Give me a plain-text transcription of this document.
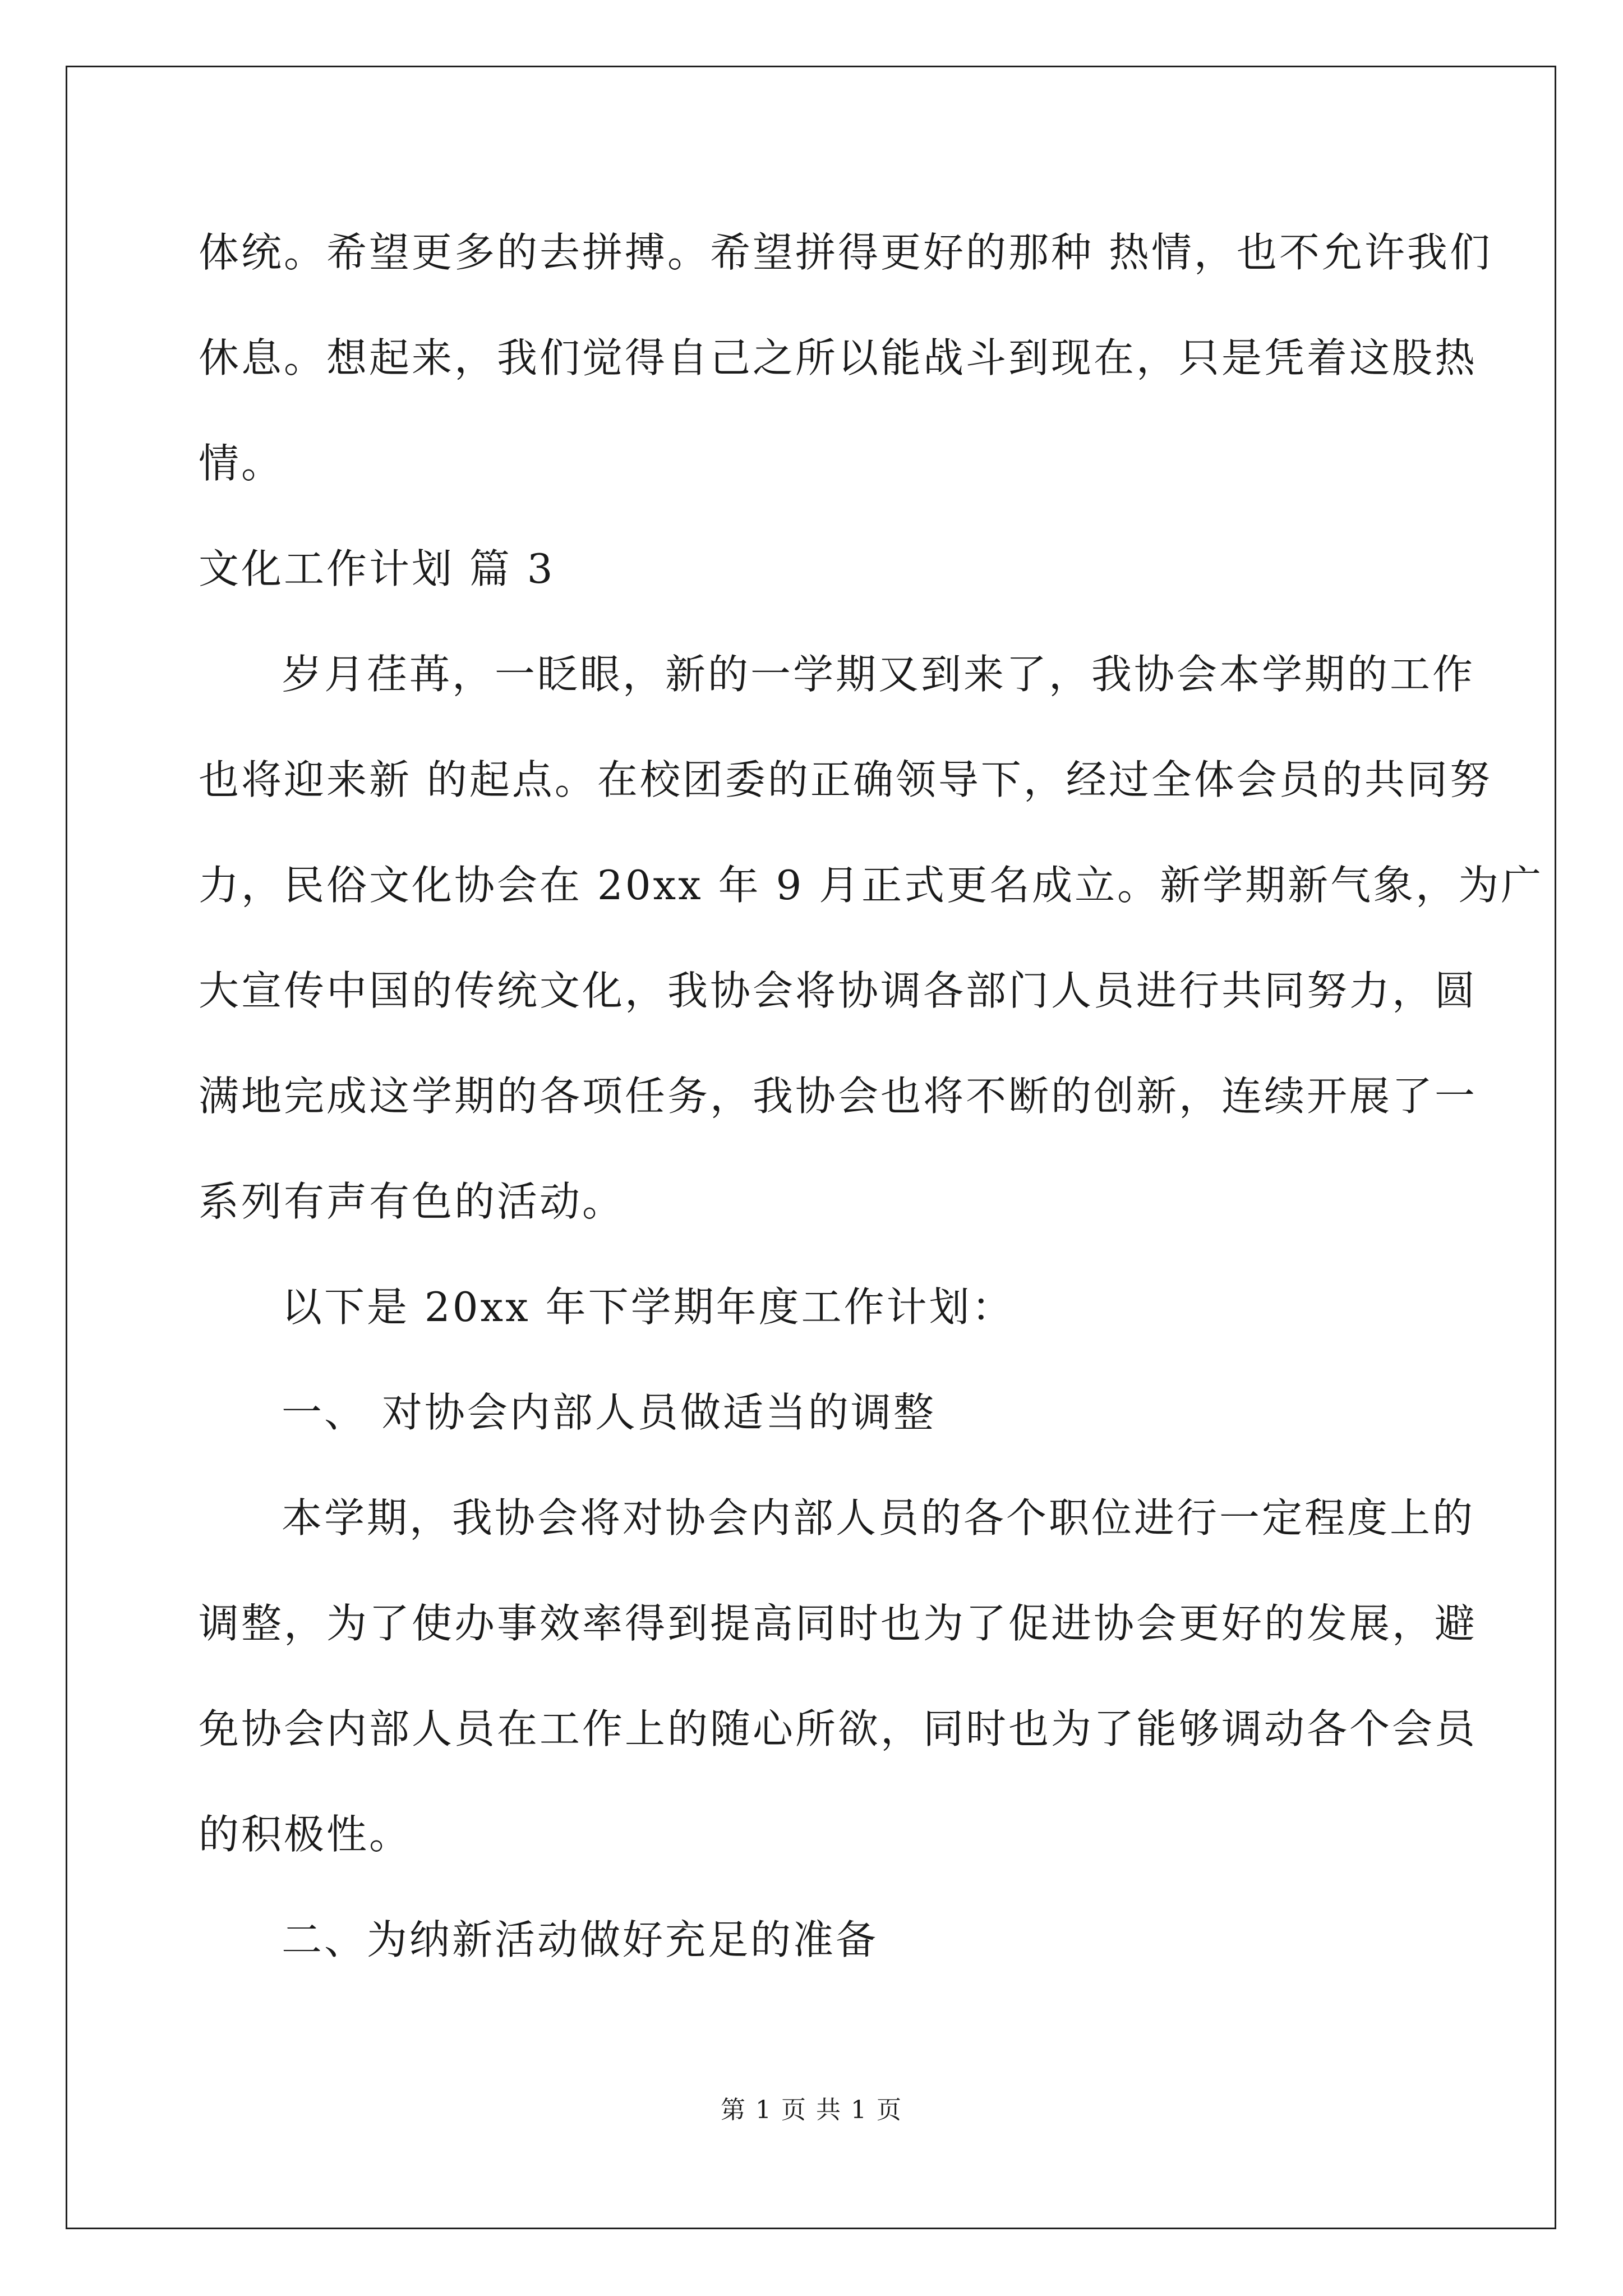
体统。希望更多的去拼搏。希望拼得更好的那种 热情，也不允许我们
休息。想起来，我们觉得自己之所以能战斗到现在，只是凭着这股热
情。
文化工作计划 篇 3
岁月荏苒，一眨眼，新的一学期又到来了，我协会本学期的工作
也将迎来新 的起点。在校团委的正确领导下，经过全体会员的共同努
力，民俗文化协会在 20xx 年 9 月正式更名成立。新学期新气象，为广
大宣传中国的传统文化，我协会将协调各部门人员进行共同努力，圆
满地完成这学期的各项任务，我协会也将不断的创新，连续开展了一
系列有声有色的活动。
以下是 20xx 年下学期年度工作计划：
一、 对协会内部人员做适当的调整
本学期，我协会将对协会内部人员的各个职位进行一定程度上的
调整，为了使办事效率得到提高同时也为了促进协会更好的发展，避
免协会内部人员在工作上的随心所欲，同时也为了能够调动各个会员
的积极性。
二、为纳新活动做好充足的准备
第 1 页 共 1 页
